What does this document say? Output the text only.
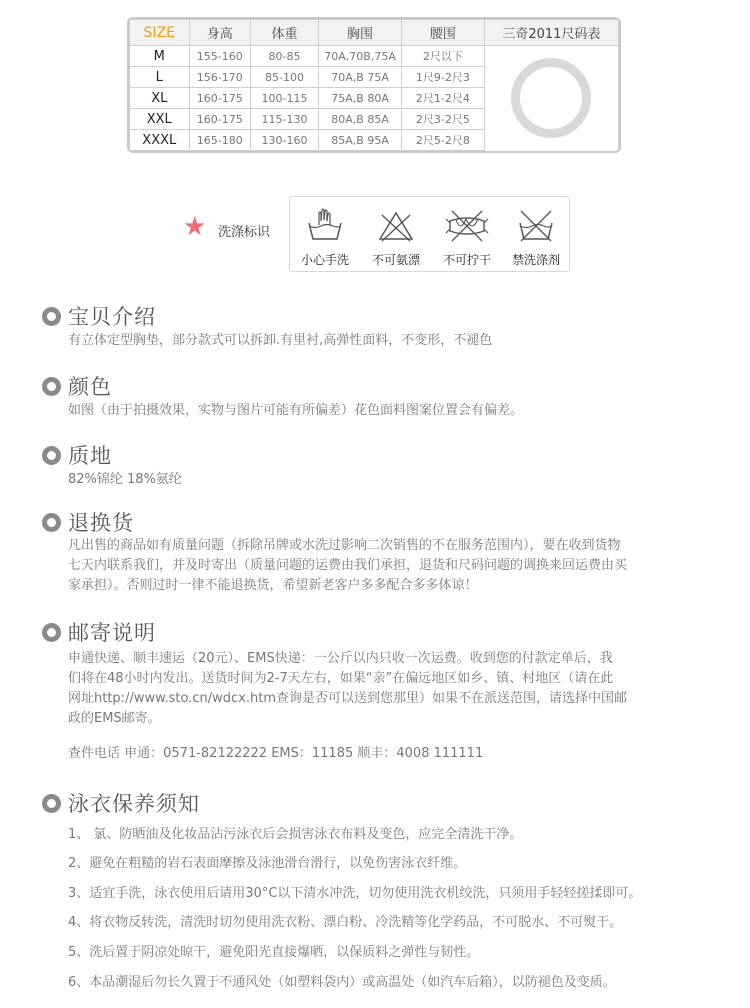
SIZE	身高	体重	胸围	腰围	三奇2011尺码表
M	155-160	80-85	70A,70B,75A	2尺以下	

L	156-170	85-100	70A,B 75A	1尺9-2尺3	
XL	160-175	100-115	75A,B 80A	2尺1-2尺4	
XXL	160-175	115-130	80A,B 85A	2尺3-2尺5	
XXXL	165-180	130-160	85A,B 95A	2尺5-2尺8	
★ 洗涤标识
小心手洗	不可氨漂	不可拧干	禁洗涤剂
宝贝介绍
有立体定型胸垫，部分款式可以拆卸.有里衬,高弹性面料，不变形，不褪色
颜色
如图（由于拍摄效果，实物与图片可能有所偏差）花色面料图案位置会有偏差。
质地
82%锦纶 18%氨纶
退换货
凡出售的商品如有质量问题（拆除吊牌或水洗过影响二次销售的不在服务范围内），要在收到货物
七天内联系我们，并及时寄出（质量问题的运费由我们承担，退货和尺码问题的调换来回运费由买
家承担）。否则过时一律不能退换货，希望新老客户多多配合多多体谅！
邮寄说明
申通快递、顺丰速运（20元）、EMS快递：一公斤以内只收一次运费。收到您的付款定单后，我
们将在48小时内发出。送货时间为2-7天左右，如果“亲”在偏远地区如乡、镇、村地区（请在此
网址http://www.sto.cn/wdcx.htm查询是否可以送到您那里）如果不在派送范围，请选择中国邮
政的EMS邮寄。
查件电话 申通：0571-82122222 EMS：11185 顺丰：4008 111111
泳衣保养须知
1、 氯、防晒油及化妆品沾污泳衣后会损害泳衣布料及变色，应完全清洗干净。
2、避免在粗糙的岩石表面摩擦及泳池滑台滑行，以免伤害泳衣纤维。
3、适宜手洗，泳衣使用后请用30°C以下清水冲洗，切勿使用洗衣机绞洗，只须用手轻轻搓揉即可。
4、将衣物反转洗，清洗时切勿使用洗衣粉、漂白粉、冷洗精等化学药品，不可脱水、不可熨干。
5、洗后置于阴凉处晾干，避免阳光直接爆晒，以保质料之弹性与韧性。
6、本品潮湿后勿长久置于不通风处（如塑料袋内）或高温处（如汽车后箱），以防褪色及变质。
